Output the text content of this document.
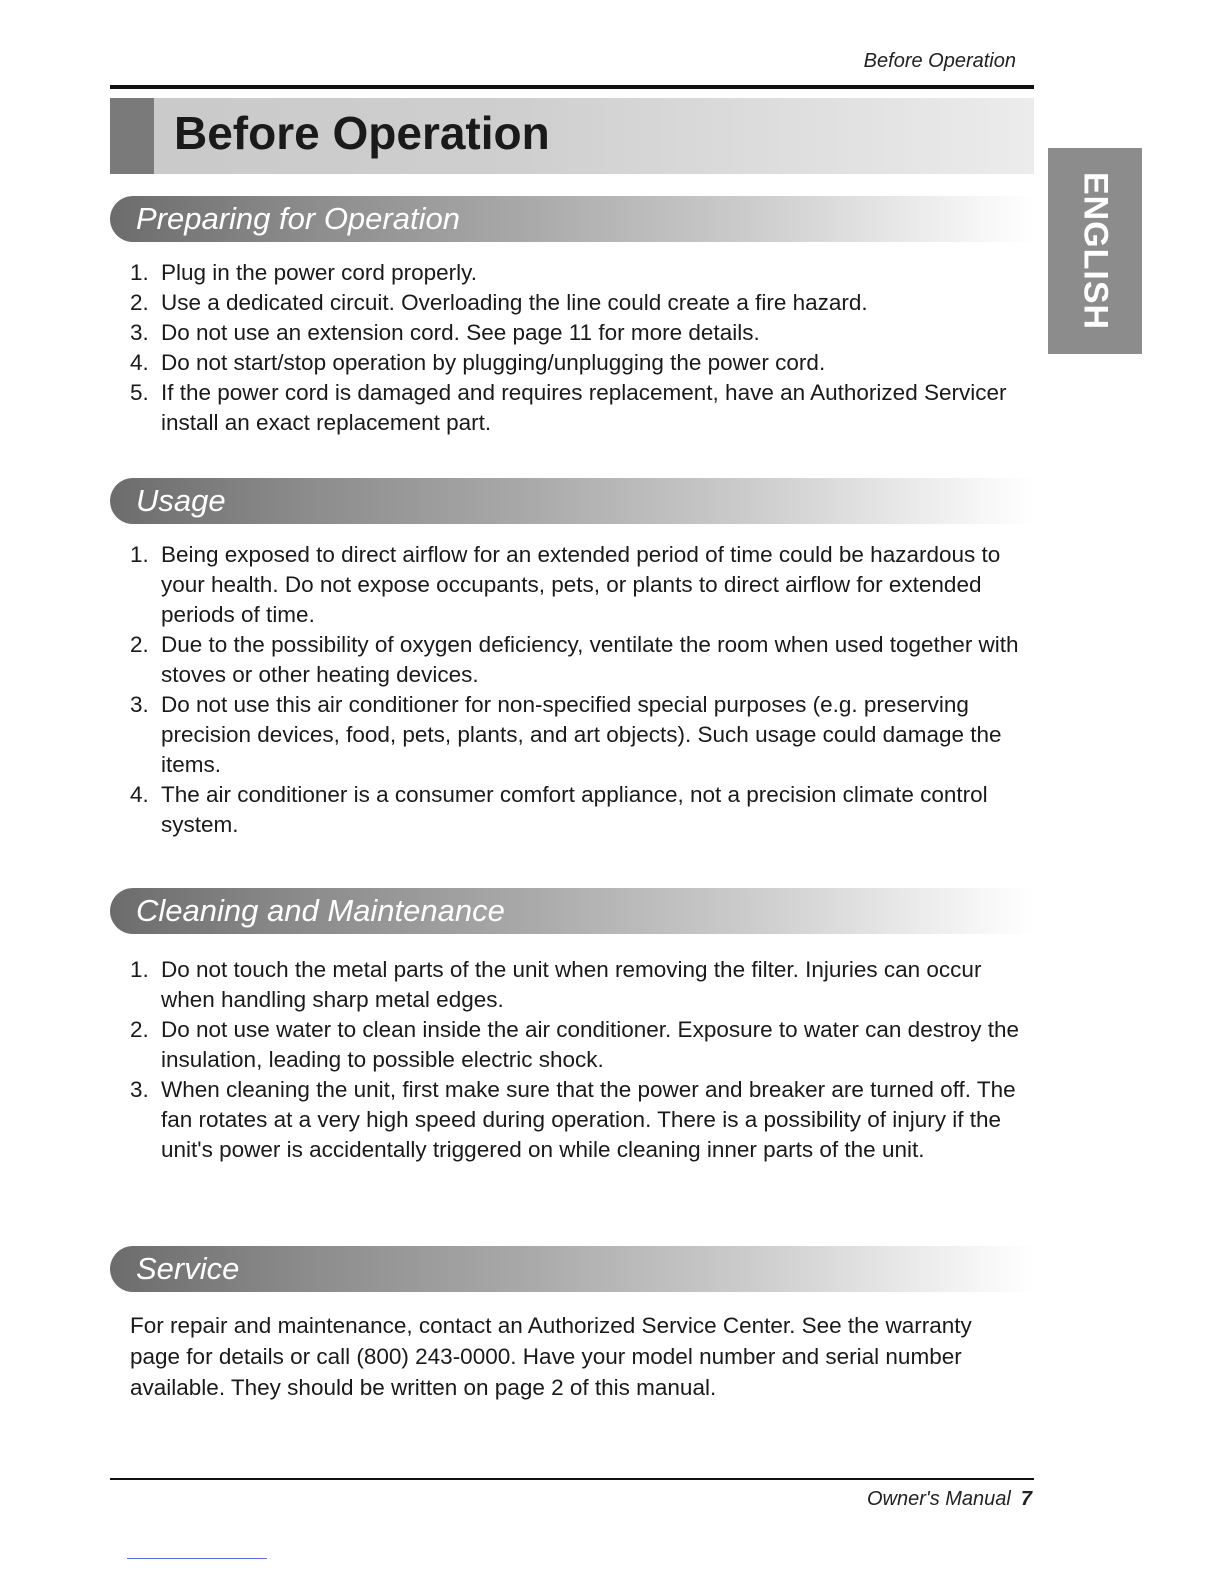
Before Operation
Before Operation
ENGLISH
Preparing for Operation
1. Plug in the power cord properly.
2. Use a dedicated circuit. Overloading the line could create a fire hazard.
3. Do not use an extension cord. See page 11 for more details.
4. Do not start/stop operation by plugging/unplugging the power cord.
5. If the power cord is damaged and requires replacement, have an Authorized Servicer install an exact replacement part.
Usage
1. Being exposed to direct airflow for an extended period of time could be hazardous to your health. Do not expose occupants, pets, or plants to direct airflow for extended periods of time.
2. Due to the possibility of oxygen deficiency, ventilate the room when used together with stoves or other heating devices.
3. Do not use this air conditioner for non-specified special purposes (e.g. preserving precision devices, food, pets, plants, and art objects). Such usage could damage the items.
4. The air conditioner is a consumer comfort appliance, not a precision climate control system.
Cleaning and Maintenance
1. Do not touch the metal parts of the unit when removing the filter. Injuries can occur when handling sharp metal edges.
2. Do not use water to clean inside the air conditioner. Exposure to water can destroy the insulation, leading to possible electric shock.
3. When cleaning the unit, first make sure that the power and breaker are turned off. The fan rotates at a very high speed during operation. There is a possibility of injury if the unit's power is accidentally triggered on while cleaning inner parts of the unit.
Service

For repair and maintenance, contact an Authorized Service Center. See the warranty page for details or call (800) 243-0000. Have your model number and serial number available. They should be written on page 2 of this manual.

Owner's Manual 7
